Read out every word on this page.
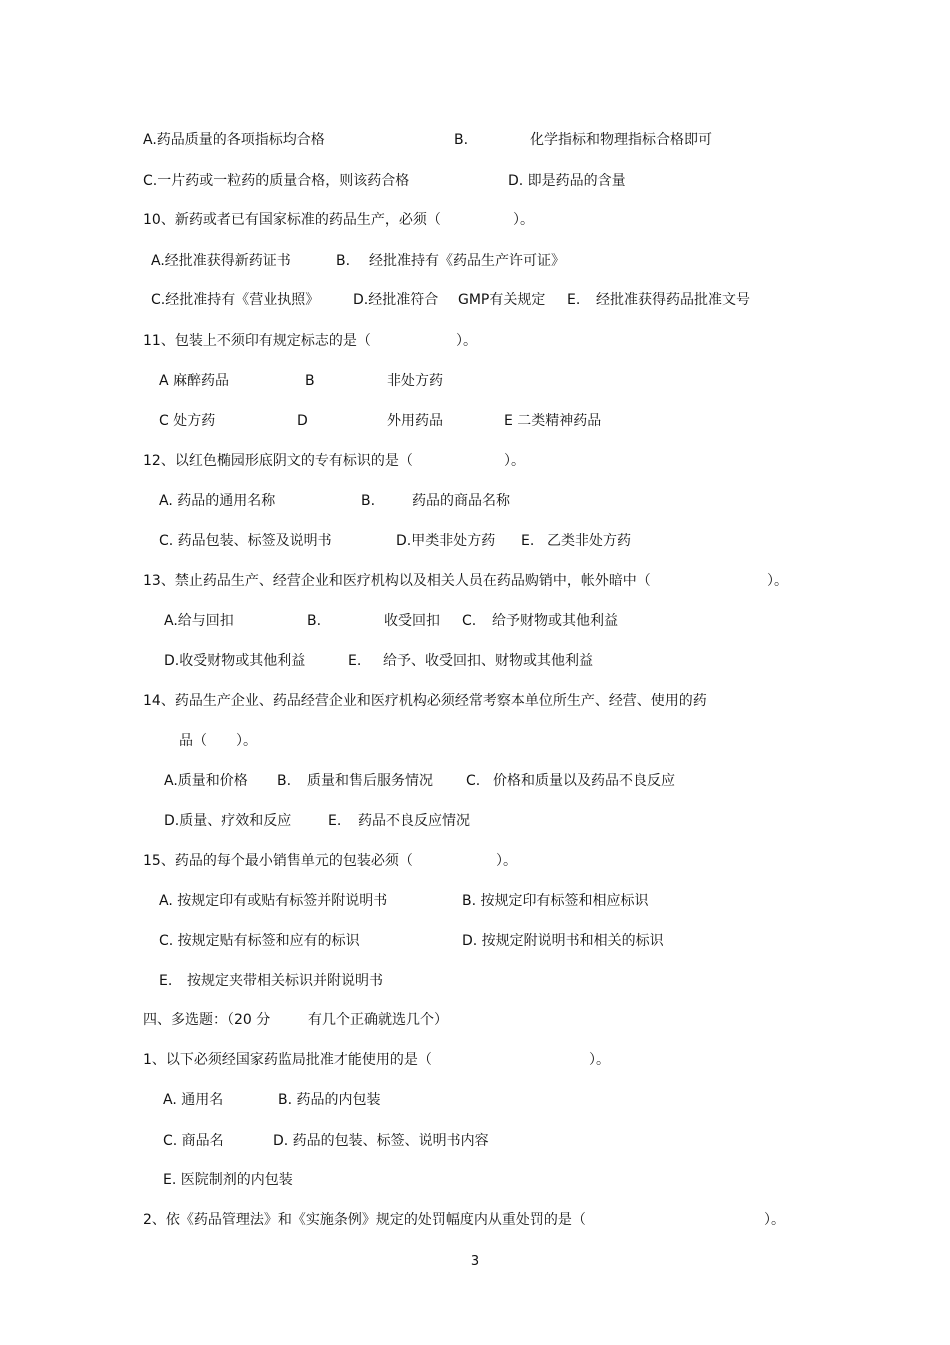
A.药品质量的各项指标均合格	B.	化学指标和物理指标合格即可
C.一片药或一粒药的质量合格，则该药合格	D. 即是药品的含量
10、新药或者已有国家标准的药品生产，必须（	）。
A.经批准获得新药证书	B. 经批准持有《药品生产许可证》
C.经批准持有《营业执照》 D.经批准符合 GMP有关规定 E. 经批准获得药品批准文号
11、包装上不须印有规定标志的是（	）。
A 麻醉药品	B	非处方药
C 处方药	D	外用药品	E 二类精神药品
12、以红色椭园形底阴文的专有标识的是（	）。
A. 药品的通用名称	B.	药品的商品名称
C. 药品包装、标签及说明书	D.甲类非处方药 E. 乙类非处方药
13、禁止药品生产、经营企业和医疗机构以及相关人员在药品购销中，帐外暗中（	）。
A.给与回扣	B.	收受回扣 C. 给予财物或其他利益
D.收受财物或其他利益	E. 给予、收受回扣、财物或其他利益
14、药品生产企业、药品经营企业和医疗机构必须经常考察本单位所生产、经营、使用的药
品（ ）。
A.质量和价格 B. 质量和售后服务情况 C. 价格和质量以及药品不良反应
D.质量、疗效和反应	E. 药品不良反应情况
15、药品的每个最小销售单元的包装必须（	）。
A. 按规定印有或贴有标签并附说明书	B. 按规定印有标签和相应标识
C. 按规定贴有标签和应有的标识	D. 按规定附说明书和相关的标识
E. 按规定夹带相关标识并附说明书
四、多选题：（20 分	有几个正确就选几个）
1、以下必须经国家药监局批准才能使用的是（	）。
A. 通用名	B. 药品的内包装
C. 商品名	D. 药品的包装、标签、说明书内容
E. 医院制剂的内包装
2、依《药品管理法》和《实施条例》规定的处罚幅度内从重处罚的是（	）。
3
